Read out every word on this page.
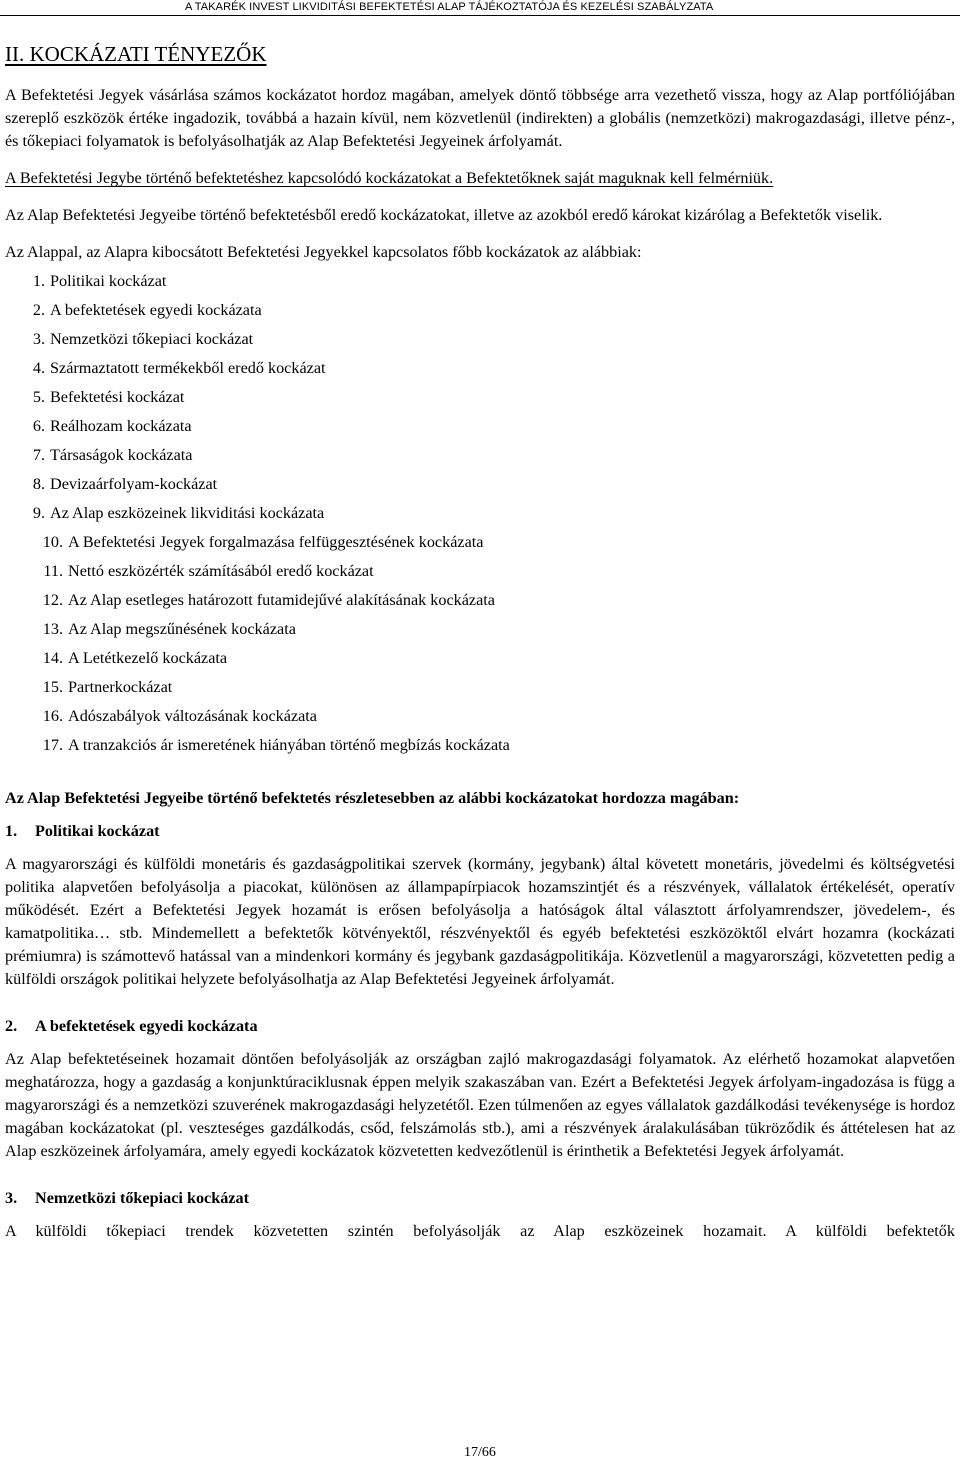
A TAKARÉK INVEST LIKVIDITÁSI BEFEKTETÉSI ALAP TÁJÉKOZTATÓJA ÉS KEZELÉSI SZABÁLYZATA
II. KOCKÁZATI TÉNYEZŐK

A Befektetési Jegyek vásárlása számos kockázatot hordoz magában, amelyek döntő többsége arra vezethető vissza, hogy az Alap portfóliójában szereplő eszközök értéke ingadozik, továbbá a hazain kívül, nem közvetlenül (indirekten) a globális (nemzetközi) makrogazdasági, illetve pénz-, és tőkepiaci folyamatok is befolyásolhatják az Alap Befektetési Jegyeinek árfolyamát.

A Befektetési Jegybe történő befektetéshez kapcsolódó kockázatokat a Befektetőknek saját maguknak kell felmérniük.

Az Alap Befektetési Jegyeibe történő befektetésből eredő kockázatokat, illetve az azokból eredő károkat kizárólag a Befektetők viselik.

Az Alappal, az Alapra kibocsátott Befektetési Jegyekkel kapcsolatos főbb kockázatok az alábbiak:

1. Politikai kockázat
2. A befektetések egyedi kockázata
3. Nemzetközi tőkepiaci kockázat
4. Származtatott termékekből eredő kockázat
5. Befektetési kockázat
6. Reálhozam kockázata
7. Társaságok kockázata
8. Devizaárfolyam-kockázat
9. Az Alap eszközeinek likviditási kockázata
10. A Befektetési Jegyek forgalmazása felfüggesztésének kockázata
11. Nettó eszközérték számításából eredő kockázat
12. Az Alap esetleges határozott futamidejűvé alakításának kockázata
13. Az Alap megszűnésének kockázata
14. A Letétkezelő kockázata
15. Partnerkockázat
16. Adószabályok változásának kockázata
17. A tranzakciós ár ismeretének hiányában történő megbízás kockázata

Az Alap Befektetési Jegyeibe történő befektetés részletesebben az alábbi kockázatokat hordozza magában:

1. Politikai kockázat

A magyarországi és külföldi monetáris és gazdaságpolitikai szervek (kormány, jegybank) által követett monetáris, jövedelmi és költségvetési politika alapvetően befolyásolja a piacokat, különösen az állampapírpiacok hozamszintjét és a részvények, vállalatok értékelését, operatív működését. Ezért a Befektetési Jegyek hozamát is erősen befolyásolja a hatóságok által választott árfolyamrendszer, jövedelem-, és kamatpolitika… stb. Mindemellett a befektetők kötvényektől, részvényektől és egyéb befektetési eszközöktől elvárt hozamra (kockázati prémiumra) is számottevő hatással van a mindenkori kormány és jegybank gazdaságpolitikája. Közvetlenül a magyarországi, közvetetten pedig a külföldi országok politikai helyzete befolyásolhatja az Alap Befektetési Jegyeinek árfolyamát.

2. A befektetések egyedi kockázata

Az Alap befektetéseinek hozamait döntően befolyásolják az országban zajló makrogazdasági folyamatok. Az elérhető hozamokat alapvetően meghatározza, hogy a gazdaság a konjunktúraciklusnak éppen melyik szakaszában van. Ezért a Befektetési Jegyek árfolyam-ingadozása is függ a magyarországi és a nemzetközi szuverének makrogazdasági helyzetétől. Ezen túlmenően az egyes vállalatok gazdálkodási tevékenysége is hordoz magában kockázatokat (pl. veszteséges gazdálkodás, csőd, felszámolás stb.), ami a részvények áralakulásában tükröződik és áttételesen hat az Alap eszközeinek árfolyamára, amely egyedi kockázatok közvetetten kedvezőtlenül is érinthetik a Befektetési Jegyek árfolyamát.

3. Nemzetközi tőkepiaci kockázat

A külföldi tőkepiaci trendek közvetetten szintén befolyásolják az Alap eszközeinek hozamait. A külföldi befektetők

17/66
